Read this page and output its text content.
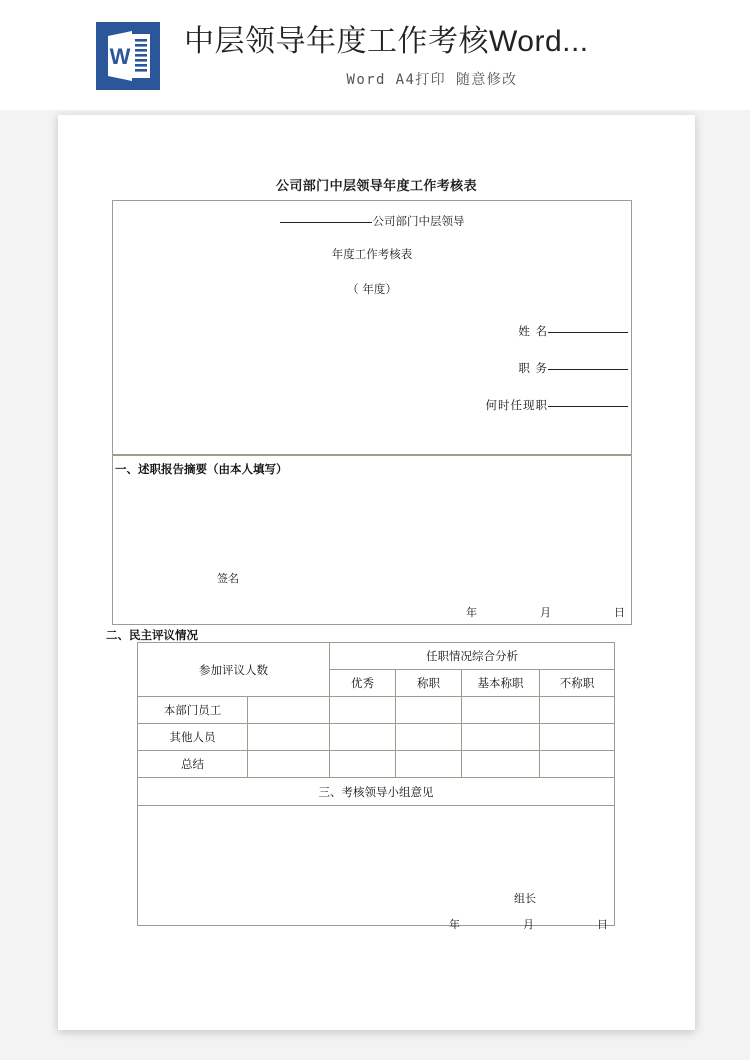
W 中层领导年度工作考核Word...
Word A4打印 随意修改
公司部门中层领导年度工作考核表
公司部门中层领导
年度工作考核表
（ 年度）
姓 名
职 务
何时任现职
一、述职报告摘要（由本人填写）
签名
年	月	日
二、民主评议情况
参加评议人数		任职情况综合分析			
		优秀	称职	基本称职	不称职
本部门员工					
其他人员					
总结					
三、考核领导小组意见					

组长
年 月 日					
